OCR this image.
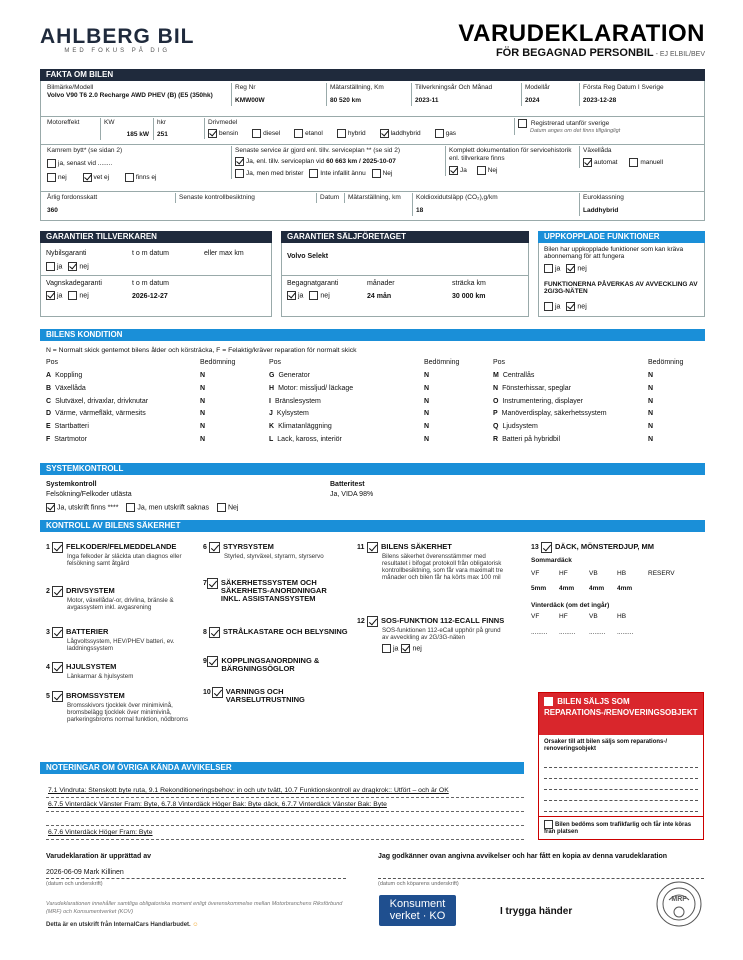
AHLBERG BIL
MED FOKUS PÅ DIG
VARUDEKLARATION
FÖR BEGAGNAD PERSONBIL - EJ ELBIL/BEV
FAKTA OM BILEN
Bilmärke/Modell
Volvo V90 T6 2.0 Recharge AWD PHEV (B) (E5 (350hk)
Reg Nr
KMW00W
Mätarställning, Km
80 520 km
Tillverkningsår Och Månad
2023-11
Modellår
2024
Första Reg Datum I Sverige
2023-12-28
Motoreffekt	KW
185 kW
hkr
251
Drivmedel
bensin	diesel	etanol	hybrid	laddhybrid	gas
Registrerad utanför sverige
Datum anges om det finns tillgängligt
Kamrem bytt* (se sidan 2)
ja, senast vid ........
nej	vet ej	finns ej
Senaste service är gjord enl. tillv. serviceplan ** (se sid 2)
Ja, enl. tillv. serviceplan vid 60 663 km / 2025-10-07
Ja, men med brister	Inte infallit ännu	Nej
Komplett dokumentation för servicehistorik enl. tillverkare finns
Ja	Nej
Växellåda
automat	manuell
Årlig fordonsskatt
360
Senaste kontrollbesiktning	Datum Mätarställning, km	Koldioxidutsläpp (CO₂),g/km
18
Euroklassning
Laddhybrid
GARANTIER TILLVERKAREN
Nybilsgaranti	t o m datum	eller max km
ja nej
Vagnskadegaranti	t o m datum
ja nej	2026-12-27
GARANTIER SÄLJFÖRETAGET
Volvo Selekt
Begagnatgaranti	månader	sträcka km
ja nej	24 mån	30 000 km
UPPKOPPLADE FUNKTIONER
Bilen har uppkopplade funktioner som kan kräva abonnemang för att fungera
ja nej
FUNKTIONERNA PÅVERKAS AV AVVECKLING AV 2G/3G-NÄTEN
ja nej
BILENS KONDITION
N = Normalt skick gentemot bilens ålder och körsträcka, F = Felaktig/kräver reparation för normalt skick
Pos	Bedömning	Pos	Bedömning	Pos	Bedömning
A Koppling	N
B Växellåda	N
C Slutväxel, drivaxlar, drivknutar	N
D Värme, värmefläkt, värmesits	N
E Startbatteri	N
F Startmotor	N
G Generator	N
H Motor: missljud/ läckage	N
I Bränslesystem	N
J Kylsystem	N
K Klimatanläggning	N
L Lack, kaross, interiör	N
M Centrallås	N
N Fönsterhissar, speglar	N
O Instrumentering, displayer	N
P Manöverdisplay, säkerhetssystem	N
Q Ljudsystem	N
R Batteri på hybridbil	N
SYSTEMKONTROLL
Systemkontroll
Felsökning/Felkoder utlästa
Ja, utskrift finns ****	Ja, men utskrift saknas	Nej
Batteritest
Ja, VIDA 98%
KONTROLL AV BILENS SÄKERHET
1 FELKODER/FELMEDDELANDE
Inga felkoder är släckta utan diagnos eller felsökning samt åtgärd
2 DRIVSYSTEM
Motor, växellåda/-or, drivlina, bränsle & avgassystem inkl. avgasrening
3 BATTERIER
Lågvoltssystem, HEV/PHEV batteri, ev. laddningssystem
4 HJULSYSTEM
Länkarmar & hjulsystem
5 BROMSSYSTEM
Bromsskivors tjocklek över minimivinå, bromsbelägg tjocklek över minimivinå, parkeringsbroms normal funktion, nödbroms
6 STYRSYSTEM
Styrled, styrväxel, styrarm, styrservo
7 SÄKERHETSSYSTEM OCH SÄKERHETS-ANORDNINGAR INKL. ASSISTANSSYSTEM
8 STRÅLKASTARE OCH BELYSNING
9 KOPPLINGSANORDNING & BÄRGNINGSÖGLOR
10 VARNINGS OCH VARSELUTRUSTNING
11	BILENS SÄKERHET
Bilens säkerhet överensstämmer med resultatet i bifogat protokoll från obligatorisk kontrollbesiktning, som får vara maximalt tre månader och bilen får ha körts max 100 mil
12 SOS-FUNKTION 112-ECALL FINNS
SOS-funktionen 112-eCall upphör på grund av avveckling av 2G/3G-näten
ja nej
13 DÄCK, MÖNSTERDJUP, MM
Sommardäck
VF	HF	VB	HB	RESERV
5mm 4mm 4mm 4mm
Vinterdäck (om det ingår)
VF	HF	VB	HB
......... ......... ......... .........
BILEN SÄLJS SOM REPARATIONS-/RENOVERINGSOBJEKT
Orsaker till att bilen säljs som reparations-/ renoveringsobjekt
Bilen bedöms som trafikfarlig och får inte köras från platsen
NOTERINGAR OM ÖVRIGA KÄNDA AVVIKELSER
7.1 Vindruta: Stenskott byte ruta, 9.1 Rekonditioneringsbehov: in och utv tvätt, 10.7 Funktionskontroll av dragkrok:: Utfört – och är OK
6.7.5 Vinterdäck Vänster Fram: Byte, 6.7.8 Vinterdäck Höger Bak: Byte däck, 6.7.7 Vinterdäck Vänster Bak: Byte
6.7.6 Vinterdäck Höger Fram: Byte
Varudeklaration är upprättad av	Jag godkänner ovan angivna avvikelser och har fått en kopia av denna varudeklaration
2026-06-09 Mark Killinen
(datum och underskrift)	(datum och köparens underskrift)
Varudeklarationen innehåller samtliga obligatoriska moment enligt överenskommelse mellan Motorbranchens Riksförbund (MRF) och Konsumentverket (KOV)
Detta är en utskrift från InternalCars Handlarbudet. ☺
Konsument
verket · KO	I trygga händer
MRF
